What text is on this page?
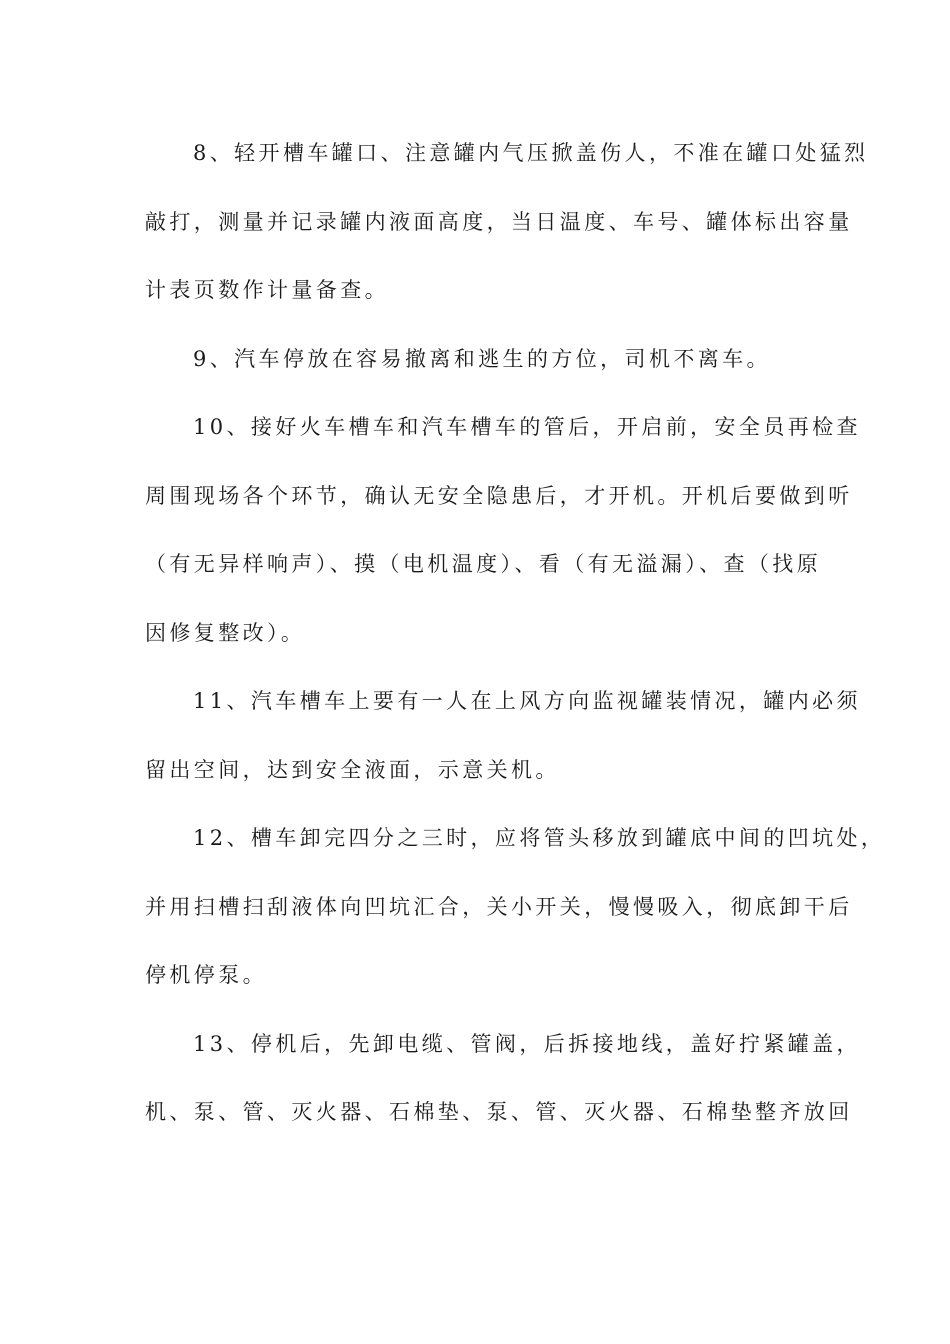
8、轻开槽车罐口、注意罐内气压掀盖伤人，不准在罐口处猛烈
敲打，测量并记录罐内液面高度，当日温度、车号、罐体标出容量
计表页数作计量备查。
9、汽车停放在容易撤离和逃生的方位，司机不离车。
10、接好火车槽车和汽车槽车的管后，开启前，安全员再检查
周围现场各个环节，确认无安全隐患后，才开机。开机后要做到听
（有无异样响声）、摸（电机温度）、看（有无溢漏）、查（找原
因修复整改）。
11、汽车槽车上要有一人在上风方向监视罐装情况，罐内必须
留出空间，达到安全液面，示意关机。
12、槽车卸完四分之三时，应将管头移放到罐底中间的凹坑处，
并用扫槽扫刮液体向凹坑汇合，关小开关，慢慢吸入，彻底卸干后
停机停泵。
13、停机后，先卸电缆、管阀，后拆接地线，盖好拧紧罐盖，
机、泵、管、灭火器、石棉垫、泵、管、灭火器、石棉垫整齐放回
